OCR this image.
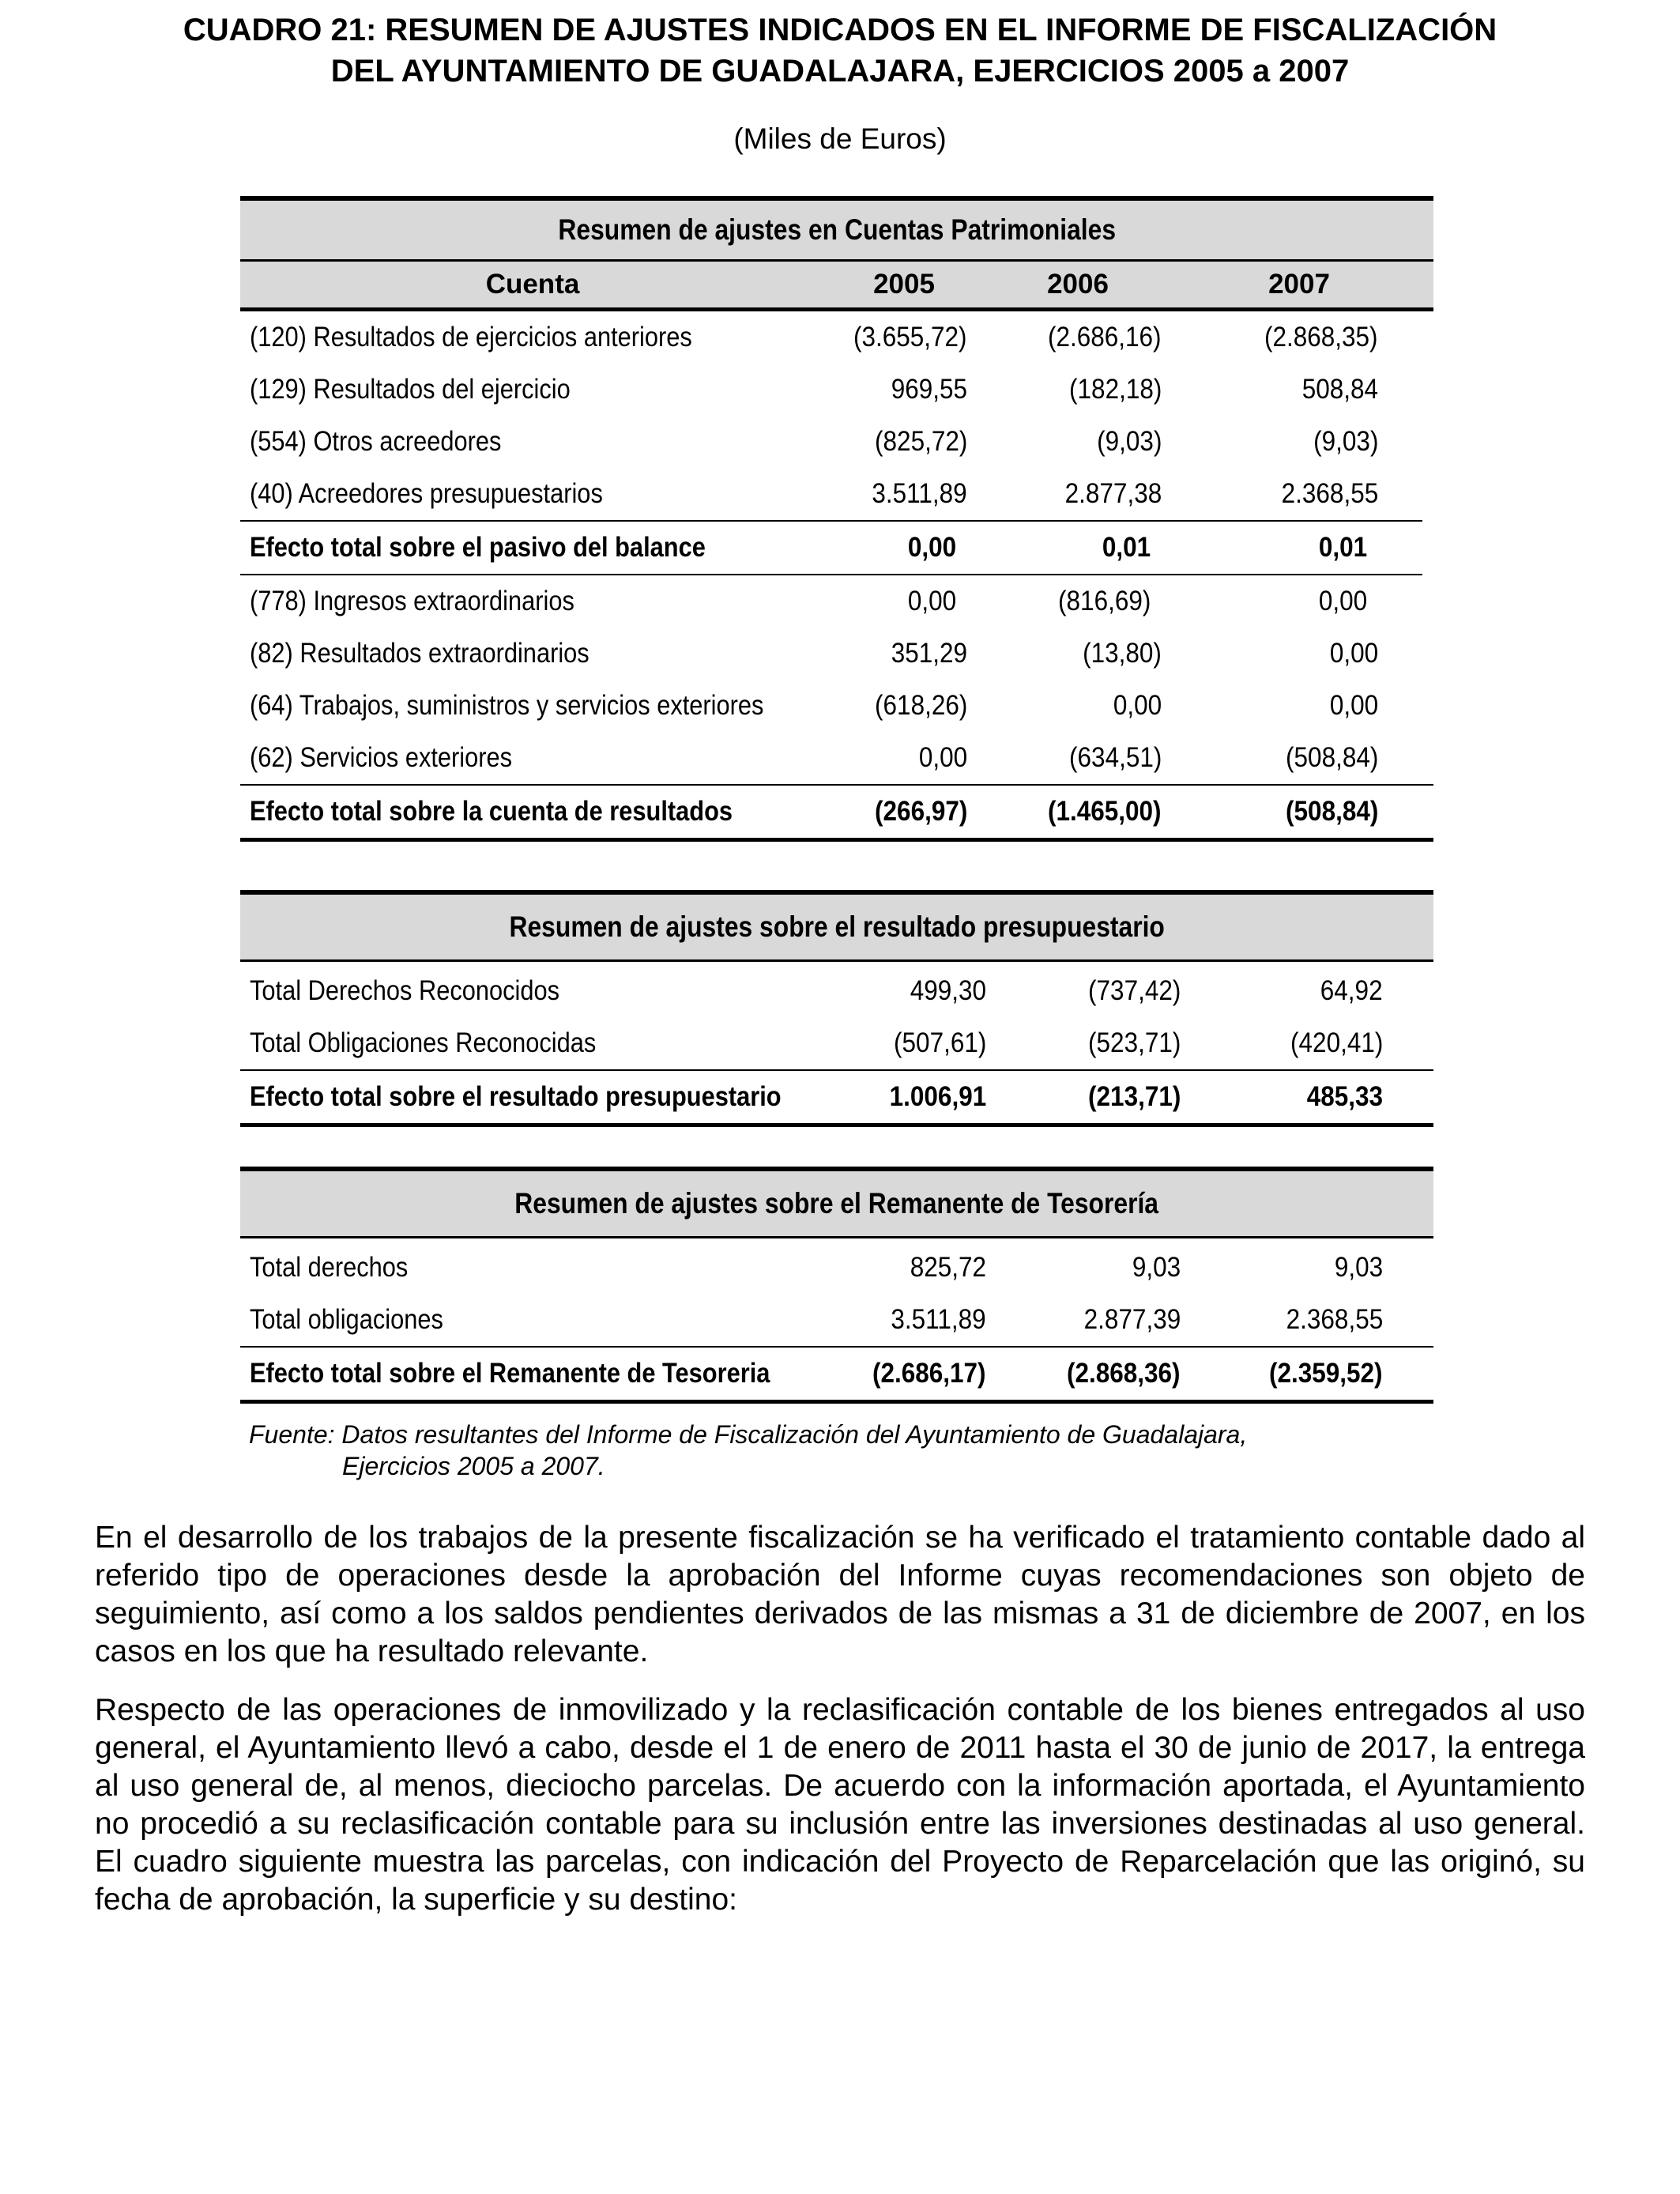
CUADRO 21: RESUMEN DE AJUSTES INDICADOS EN EL INFORME DE FISCALIZACIÓN
DEL AYUNTAMIENTO DE GUADALAJARA, EJERCICIOS 2005 a 2007
(Miles de Euros)
Resumen de ajustes en Cuentas Patrimoniales
Cuenta	2005	2006	2007
(120) Resultados de ejercicios anteriores	(3.655,72)	(2.686,16)	(2.868,35)
(129) Resultados del ejercicio	969,55	(182,18)	508,84
(554) Otros acreedores	(825,72)	(9,03)	(9,03)
(40) Acreedores presupuestarios	3.511,89	2.877,38	2.368,55
Efecto total sobre el pasivo del balance	0,00	0,01	0,01
(778) Ingresos extraordinarios	0,00	(816,69)	0,00
(82) Resultados extraordinarios	351,29	(13,80)	0,00
(64) Trabajos, suministros y servicios exteriores	(618,26)	0,00	0,00
(62) Servicios exteriores	0,00	(634,51)	(508,84)
Efecto total sobre la cuenta de resultados	(266,97)	(1.465,00)	(508,84)
Resumen de ajustes sobre el resultado presupuestario
Total Derechos Reconocidos	499,30	(737,42)	64,92
Total Obligaciones Reconocidas	(507,61)	(523,71)	(420,41)
Efecto total sobre el resultado presupuestario	1.006,91	(213,71)	485,33
Resumen de ajustes sobre el Remanente de Tesorería
Total derechos	825,72	9,03	9,03
Total obligaciones	3.511,89	2.877,39	2.368,55
Efecto total sobre el Remanente de Tesoreria	(2.686,17)	(2.868,36)	(2.359,52)
Fuente: Datos resultantes del Informe de Fiscalización del Ayuntamiento de Guadalajara,
Ejercicios 2005 a 2007.
En el desarrollo de los trabajos de la presente fiscalización se ha verificado el tratamiento contable dado al referido tipo de operaciones desde la aprobación del Informe cuyas recomendaciones son objeto de seguimiento, así como a los saldos pendientes derivados de las mismas a 31 de diciembre de 2007, en los casos en los que ha resultado relevante.
Respecto de las operaciones de inmovilizado y la reclasificación contable de los bienes entregados al uso general, el Ayuntamiento llevó a cabo, desde el 1 de enero de 2011 hasta el 30 de junio de 2017, la entrega al uso general de, al menos, dieciocho parcelas. De acuerdo con la información aportada, el Ayuntamiento no procedió a su reclasificación contable para su inclusión entre las inversiones destinadas al uso general. El cuadro siguiente muestra las parcelas, con indicación del Proyecto de Reparcelación que las originó, su fecha de aprobación, la superficie y su destino:
